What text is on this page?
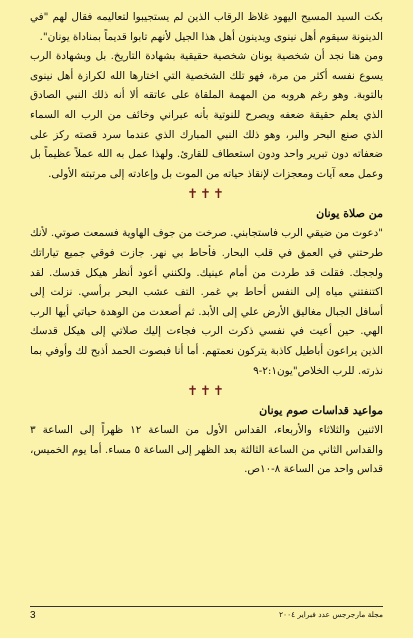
بكت السيد المسيح اليهود غلاظ الرقاب الذين لم يستجيبوا لتعاليمه فقال لهم "في الدينونة سيقوم أهل نينوى ويدينون أهل هذا الجيل لأنهم تابوا قديماً بمناداة يونان".

ومن هنا نجد أن شخصية يونان شخصية حقيقية بشهادة التاريخ. بل وبشهادة الرب يسوع نفسه أكثر من مرة، فهو تلك الشخصية التي اختارها الله لكرازة أهل نينوى بالتوبة. وهو رغم هروبه من المهمة الملقاة على عاتقه ألا أنه ذلك النبي الصادق الذي يعلم حقيقة ضعفه ويصرح للنوتية بأنه عبراني وخائف من الرب اله السماء الذي صنع البحر والبر، وهو ذلك النبي المبارك الذي عندما سرد قصته ركز على ضعفاته دون تبرير واحد ودون استعطاف للقارئ. ولهذا عمل به الله عملاً عظيماً بل وعمل معه آيات ومعجزات لإنقاذ حياته من الموت بل وإعادته إلى مرتبته الأولى.

✝✝✝
من صلاة يونان

"دعوت من ضيقي الرب فاستجابني. صرخت من جوف الهاوية فسمعت صوتي. لأنك طرحتني في العمق في قلب البحار. فأحاط بي نهر. جازت فوقي جميع تياراتك ولججك. فقلت قد طردت من أمام عينيك. ولكنني أعود أنظر هيكل قدسك. لقد اكتنفتني مياه إلى النفس أحاط بي غمر. التف عشب البحر برأسي. نزلت إلى أسافل الجبال مغاليق الأرض علي إلى الأبد. ثم أصعدت من الوهدة حياتي أيها الرب الهي. حين أعيت في نفسي ذكرت الرب فجاءت إليك صلاتي إلى هيكل قدسك الذين يراعون أباطيل كاذبة يتركون نعمتهم. أما أنا فبصوت الحمد أذبح لك وأوفي بما نذرته. للرب الخلاص"يون٢:١-٩

✝✝✝
مواعيد قداسات صوم يونان

الاثنين والثلاثاء والأربعاء، القداس الأول من الساعة ١٢ ظهراً إلى الساعة ٣ والقداس الثاني من الساعة الثالثة بعد الظهر إلى الساعة ٥ مساء. أما يوم الخميس، قداس واحد من الساعة ٨-١٠ص.

3	مجلة مارجرجس عدد فبراير ٢٠٠٤
